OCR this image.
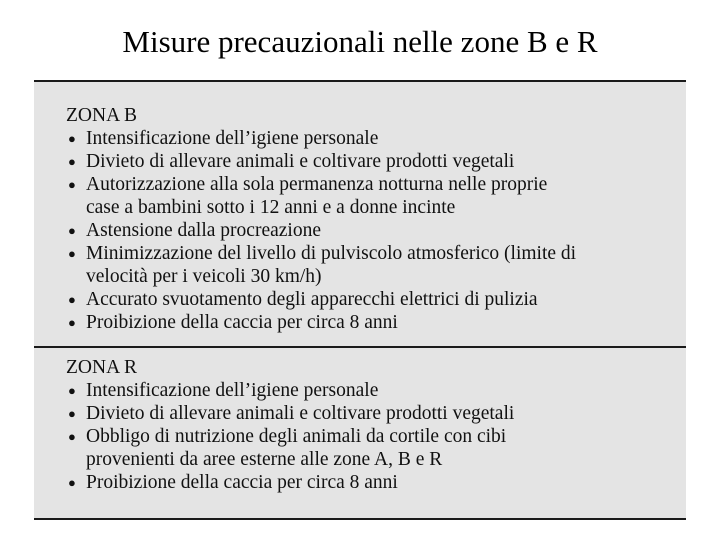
Misure precauzionali nelle zone B e R
ZONA B
● Intensificazione dell’igiene personale
● Divieto di allevare animali e coltivare prodotti vegetali
● Autorizzazione alla sola permanenza notturna nelle proprie
case a bambini sotto i 12 anni e a donne incinte
● Astensione dalla procreazione
● Minimizzazione del livello di pulviscolo atmosferico (limite di
velocità per i veicoli 30 km/h)
● Accurato svuotamento degli apparecchi elettrici di pulizia
● Proibizione della caccia per circa 8 anni
ZONA R
● Intensificazione dell’igiene personale
● Divieto di allevare animali e coltivare prodotti vegetali
● Obbligo di nutrizione degli animali da cortile con cibi
provenienti da aree esterne alle zone A, B e R
● Proibizione della caccia per circa 8 anni
